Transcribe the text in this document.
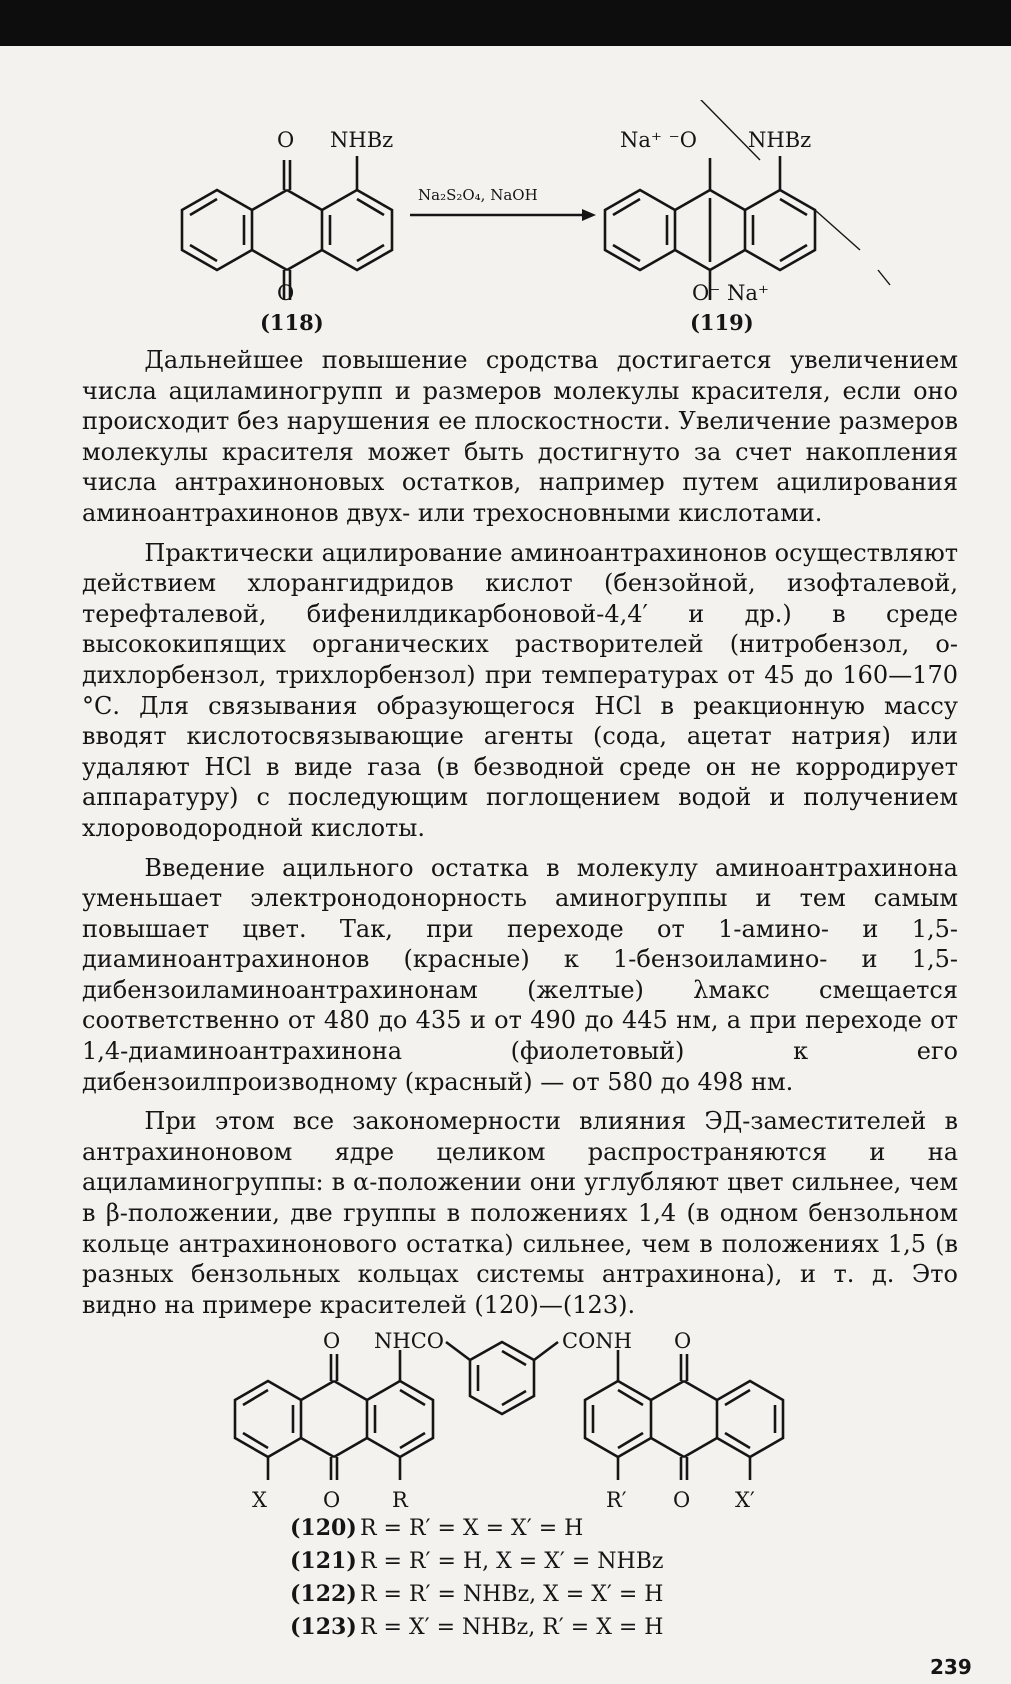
O NHBz
O
(118)
Na₂S₂O₄, NaOH
Na⁺ ⁻O NHBz
O⁻ Na⁺
(119)

Дальнейшее повышение сродства достигается увеличением числа ациламиногрупп и размеров молекулы красителя, если оно происходит без нарушения ее плоскостности. Увеличение размеров молекулы красителя может быть достигнуто за счет накопления числа антрахиноновых остатков, например путем ацилирования аминоантрахинонов двух- или трехосновными кислотами.

Практически ацилирование аминоантрахинонов осуществляют действием хлорангидридов кислот (бензойной, изофталевой, терефталевой, бифенилдикарбоновой-4,4′ и др.) в среде высококипящих органических растворителей (нитробензол, о-дихлорбензол, трихлорбензол) при температурах от 45 до 160—170 °С. Для связывания образующегося HCl в реакционную массу вводят кислотосвязывающие агенты (сода, ацетат натрия) или удаляют HCl в виде газа (в безводной среде он не корродирует аппаратуру) с последующим поглощением водой и получением хлороводородной кислоты.

Введение ацильного остатка в молекулу аминоантрахинона уменьшает электронодонорность аминогруппы и тем самым повышает цвет. Так, при переходе от 1-амино- и 1,5-диаминоантрахинонов (красные) к 1-бензоиламино- и 1,5-дибензоиламиноантрахинонам (желтые) λмакс смещается соответственно от 480 до 435 и от 490 до 445 нм, а при переходе от 1,4-диаминоантрахинона (фиолетовый) к его дибензоилпроизводному (красный) — от 580 до 498 нм.

При этом все закономерности влияния ЭД-заместителей в антрахиноновом ядре целиком распространяются и на ациламиногруппы: в α-положении они углубляют цвет сильнее, чем в β-положении, две группы в положениях 1,4 (в одном бензольном кольце антрахинонового остатка) сильнее, чем в положениях 1,5 (в разных бензольных кольцах системы антрахинона), и т. д. Это видно на примере красителей (120)—(123).

O NHCO	CONH O
X	O R	R′ O X′
(120) R = R′ = X = X′ = H
(121) R = R′ = H, X = X′ = NHBz
(122) R = R′ = NHBz, X = X′ = H
(123) R = X′ = NHBz, R′ = X = H
239
